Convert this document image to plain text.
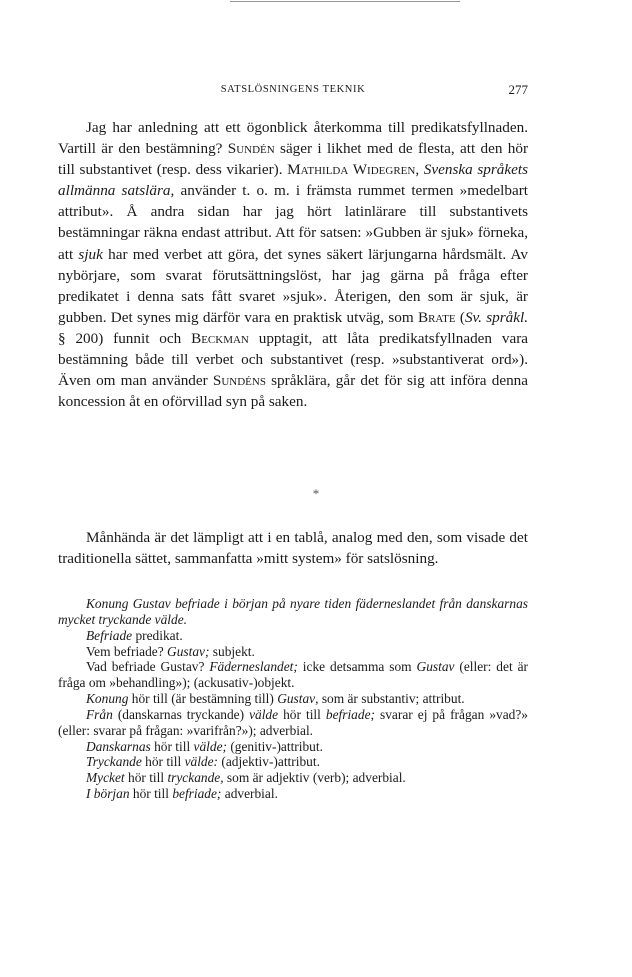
SATSLÖSNINGENS TEKNIK	277

Jag har anledning att ett ögonblick återkomma till predikatsfyllnaden. Vartill är den bestämning? Sundén säger i likhet med de flesta, att den hör till substantivet (resp. dess vikarier). Mathilda Widegren, Svenska språkets allmänna satslära, använder t. o. m. i främsta rummet termen »medelbart attribut». Å andra sidan har jag hört latinlärare till substantivets bestämningar räkna endast attribut. Att för satsen: »Gubben är sjuk» förneka, att sjuk har med verbet att göra, det synes säkert lärjungarna hårdsmält. Av nybörjare, som svarat förutsättningslöst, har jag gärna på fråga efter predikatet i denna sats fått svaret »sjuk». Återigen, den som är sjuk, är gubben. Det synes mig därför vara en praktisk utväg, som Brate (Sv. språkl. § 200) funnit och Beckman upptagit, att låta predikatsfyllnaden vara bestämning både till verbet och substantivet (resp. »substantiverat ord»). Även om man använder Sundéns språklära, går det för sig att införa denna koncession åt en oförvillad syn på saken.

*

Månhända är det lämpligt att i en tablå, analog med den, som visade det traditionella sättet, sammanfatta »mitt system» för satslösning.

Konung Gustav befriade i början på nyare tiden fäderneslandet från danskarnas mycket tryckande välde.

Befriade predikat.

Vem befriade? Gustav; subjekt.

Vad befriade Gustav? Fäderneslandet; icke detsamma som Gustav (eller: det är fråga om »behandling»); (ackusativ-)objekt.

Konung hör till (är bestämning till) Gustav, som är substantiv; attribut.

Från (danskarnas tryckande) välde hör till befriade; svarar ej på frågan »vad?» (eller: svarar på frågan: »varifrån?»); adverbial.

Danskarnas hör till välde; (genitiv-)attribut.

Tryckande hör till välde: (adjektiv-)attribut.

Mycket hör till tryckande, som är adjektiv (verb); adverbial.

I början hör till befriade; adverbial.
